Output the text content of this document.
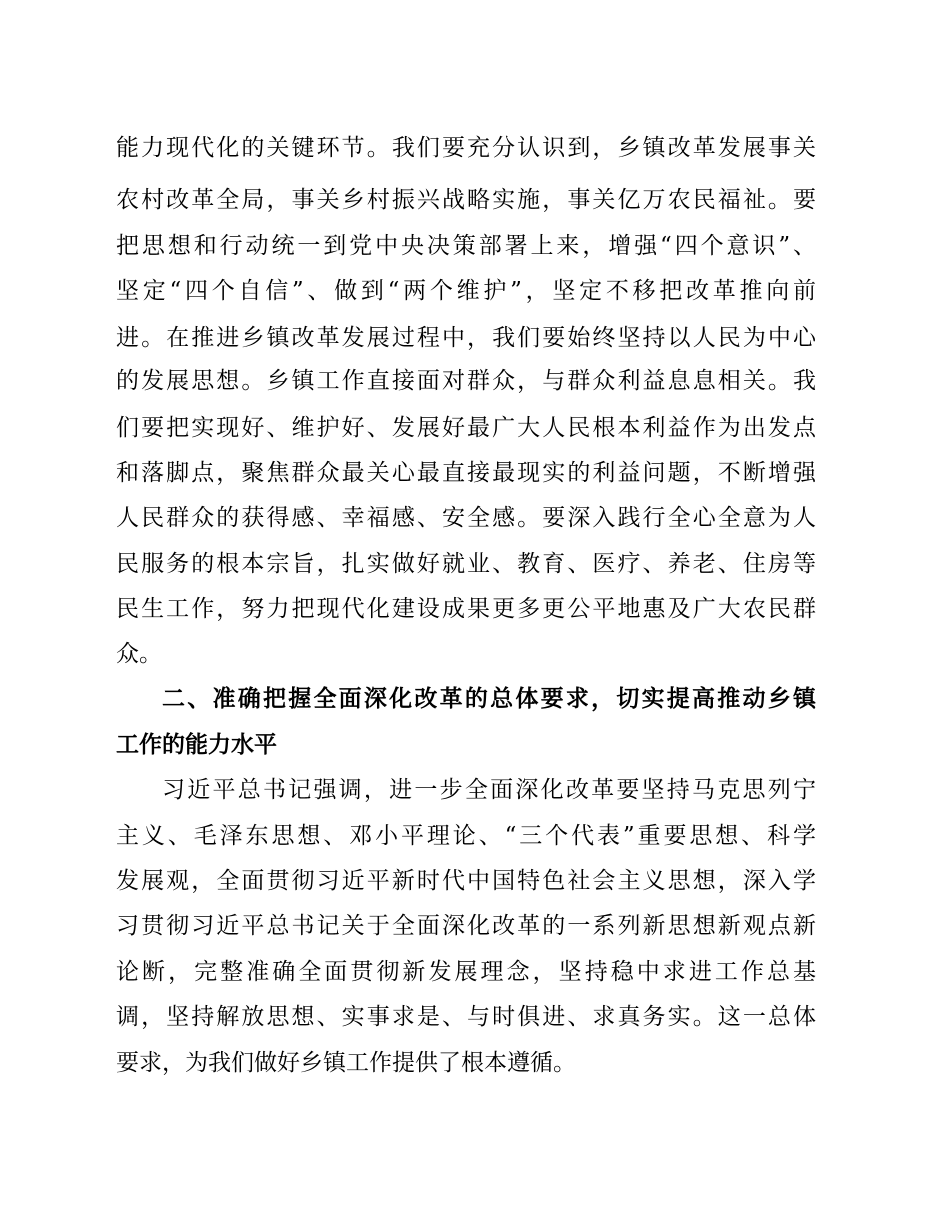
能力现代化的关键环节。我们要充分认识到，乡镇改革发展事关
农村改革全局，事关乡村振兴战略实施，事关亿万农民福祉。要
把思想和行动统一到党中央决策部署上来，增强“四个意识”、
坚定“四个自信”、做到“两个维护”，坚定不移把改革推向前
进。在推进乡镇改革发展过程中，我们要始终坚持以人民为中心
的发展思想。乡镇工作直接面对群众，与群众利益息息相关。我
们要把实现好、维护好、发展好最广大人民根本利益作为出发点
和落脚点，聚焦群众最关心最直接最现实的利益问题，不断增强
人民群众的获得感、幸福感、安全感。要深入践行全心全意为人
民服务的根本宗旨，扎实做好就业、教育、医疗、养老、住房等
民生工作，努力把现代化建设成果更多更公平地惠及广大农民群
众。
二、准确把握全面深化改革的总体要求，切实提高推动乡镇
工作的能力水平
习近平总书记强调，进一步全面深化改革要坚持马克思列宁
主义、毛泽东思想、邓小平理论、“三个代表”重要思想、科学
发展观，全面贯彻习近平新时代中国特色社会主义思想，深入学
习贯彻习近平总书记关于全面深化改革的一系列新思想新观点新
论断，完整准确全面贯彻新发展理念，坚持稳中求进工作总基
调，坚持解放思想、实事求是、与时俱进、求真务实。这一总体
要求，为我们做好乡镇工作提供了根本遵循。
